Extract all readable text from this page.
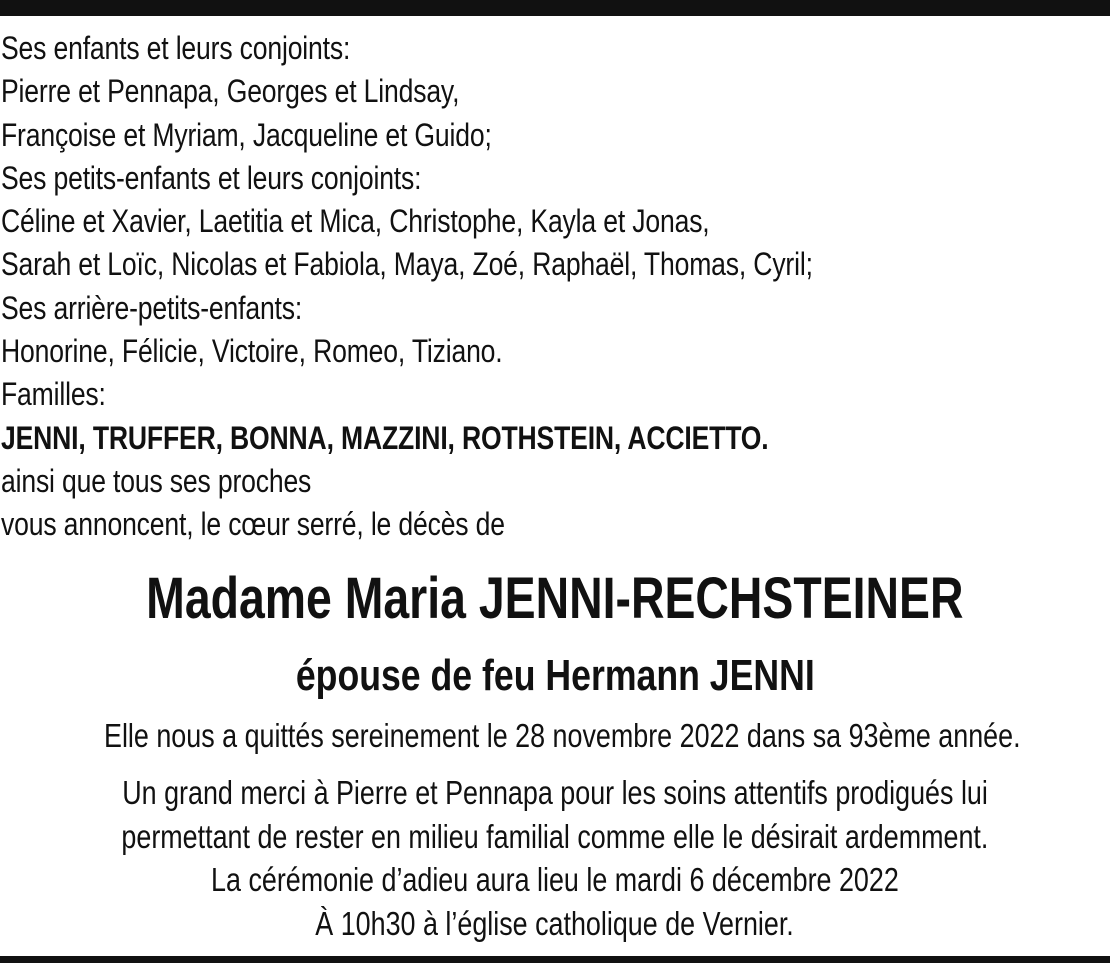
Ses enfants et leurs conjoints:
Pierre et Pennapa, Georges et Lindsay,
Françoise et Myriam, Jacqueline et Guido;
Ses petits-enfants et leurs conjoints:
Céline et Xavier, Laetitia et Mica, Christophe, Kayla et Jonas,
Sarah et Loïc, Nicolas et Fabiola, Maya, Zoé, Raphaël, Thomas, Cyril;
Ses arrière-petits-enfants:
Honorine, Félicie, Victoire, Romeo, Tiziano.
Familles:
JENNI, TRUFFER, BONNA, MAZZINI, ROTHSTEIN, ACCIETTO.
ainsi que tous ses proches
vous annoncent, le cœur serré, le décès de
Madame Maria JENNI-RECHSTEINER
épouse de feu Hermann JENNI
Elle nous a quittés sereinement le 28 novembre 2022 dans sa 93ème année.
Un grand merci à Pierre et Pennapa pour les soins attentifs prodigués lui
permettant de rester en milieu familial comme elle le désirait ardemment.
La cérémonie d’adieu aura lieu le mardi 6 décembre 2022
À 10h30 à l’église catholique de Vernier.
